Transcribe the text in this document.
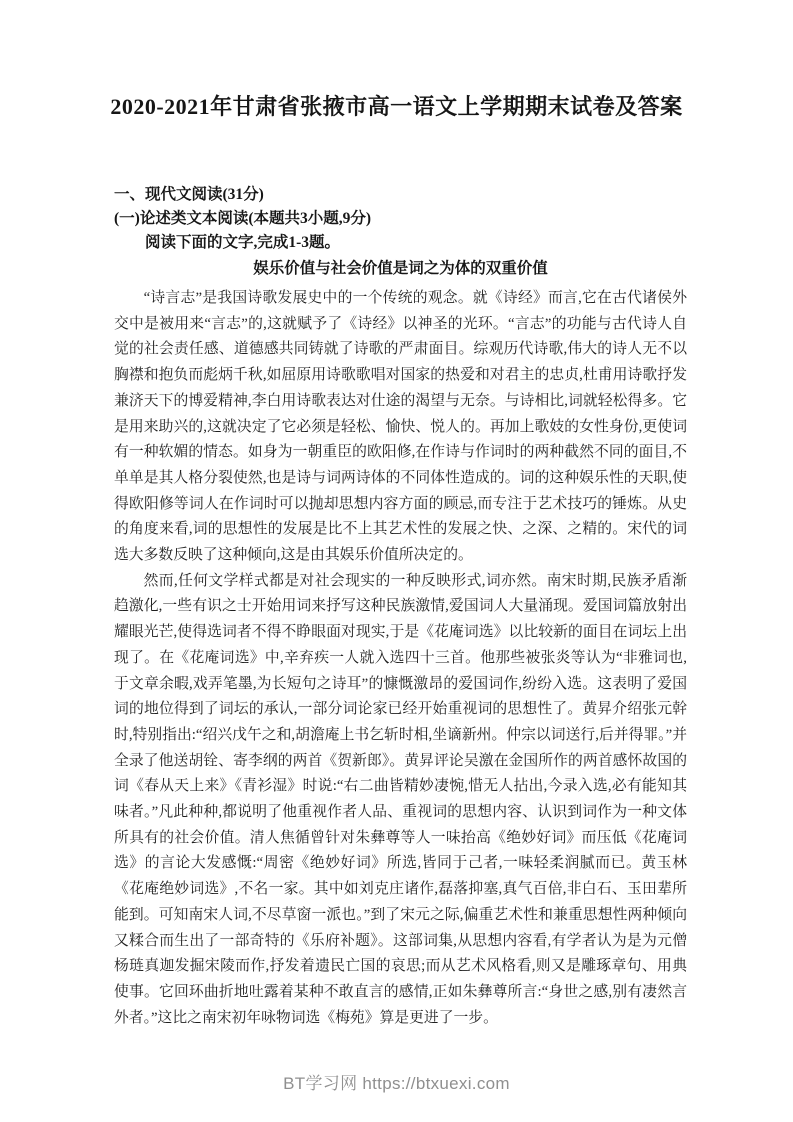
2020-2021年甘肃省张掖市高一语文上学期期末试卷及答案
一、现代文阅读(31分)
(一)论述类文本阅读(本题共3小题,9分)
阅读下面的文字,完成1-3题。
娱乐价值与社会价值是词之为体的双重价值

“诗言志”是我国诗歌发展史中的一个传统的观念。就《诗经》而言,它在古代诸侯外交中是被用来“言志”的,这就赋予了《诗经》以神圣的光环。“言志”的功能与古代诗人自觉的社会责任感、道德感共同铸就了诗歌的严肃面目。综观历代诗歌,伟大的诗人无不以胸襟和抱负而彪炳千秋,如屈原用诗歌歌唱对国家的热爱和对君主的忠贞,杜甫用诗歌抒发兼济天下的博爱精神,李白用诗歌表达对仕途的渴望与无奈。与诗相比,词就轻松得多。它是用来助兴的,这就决定了它必须是轻松、愉快、悦人的。再加上歌妓的女性身份,更使词有一种软媚的情态。如身为一朝重臣的欧阳修,在作诗与作词时的两种截然不同的面目,不单单是其人格分裂使然,也是诗与词两诗体的不同体性造成的。词的这种娱乐性的天职,使得欧阳修等词人在作词时可以抛却思想内容方面的顾忌,而专注于艺术技巧的锤炼。从史的角度来看,词的思想性的发展是比不上其艺术性的发展之快、之深、之精的。宋代的词选大多数反映了这种倾向,这是由其娱乐价值所决定的。

然而,任何文学样式都是对社会现实的一种反映形式,词亦然。南宋时期,民族矛盾渐趋激化,一些有识之士开始用词来抒写这种民族激情,爱国词人大量涌现。爱国词篇放射出耀眼光芒,使得选词者不得不睁眼面对现实,于是《花庵词选》以比较新的面目在词坛上出现了。在《花庵词选》中,辛弃疾一人就入选四十三首。他那些被张炎等认为“非雅词也,于文章余暇,戏弄笔墨,为长短句之诗耳”的慷慨激昂的爱国词作,纷纷入选。这表明了爱国词的地位得到了词坛的承认,一部分词论家已经开始重视词的思想性了。黄昇介绍张元幹时,特别指出:“绍兴戊午之和,胡澹庵上书乞斩时相,坐谪新州。仲宗以词送行,后并得罪。”并全录了他送胡铨、寄李纲的两首《贺新郎》。黄昇评论吴激在金国所作的两首感怀故国的词《春从天上来》《青衫湿》时说:“右二曲皆精妙凄惋,惜无人拈出,今录入选,必有能知其味者。”凡此种种,都说明了他重视作者人品、重视词的思想内容、认识到词作为一种文体所具有的社会价值。清人焦循曾针对朱彝尊等人一味抬高《绝妙好词》而压低《花庵词选》的言论大发感慨:“周密《绝妙好词》所选,皆同于己者,一味轻柔润腻而已。黄玉林《花庵绝妙词选》,不名一家。其中如刘克庄诸作,磊落抑塞,真气百倍,非白石、玉田辈所能到。可知南宋人词,不尽草窗一派也。”到了宋元之际,偏重艺术性和兼重思想性两种倾向又糅合而生出了一部奇特的《乐府补题》。这部词集,从思想内容看,有学者认为是为元僧杨琏真迦发掘宋陵而作,抒发着遗民亡国的哀思;而从艺术风格看,则又是雕琢章句、用典使事。它回环曲折地吐露着某种不敢直言的感情,正如朱彝尊所言:“身世之感,别有凄然言外者。”这比之南宋初年咏物词选《梅苑》算是更进了一步。

BT学习网 https://btxuexi.com
